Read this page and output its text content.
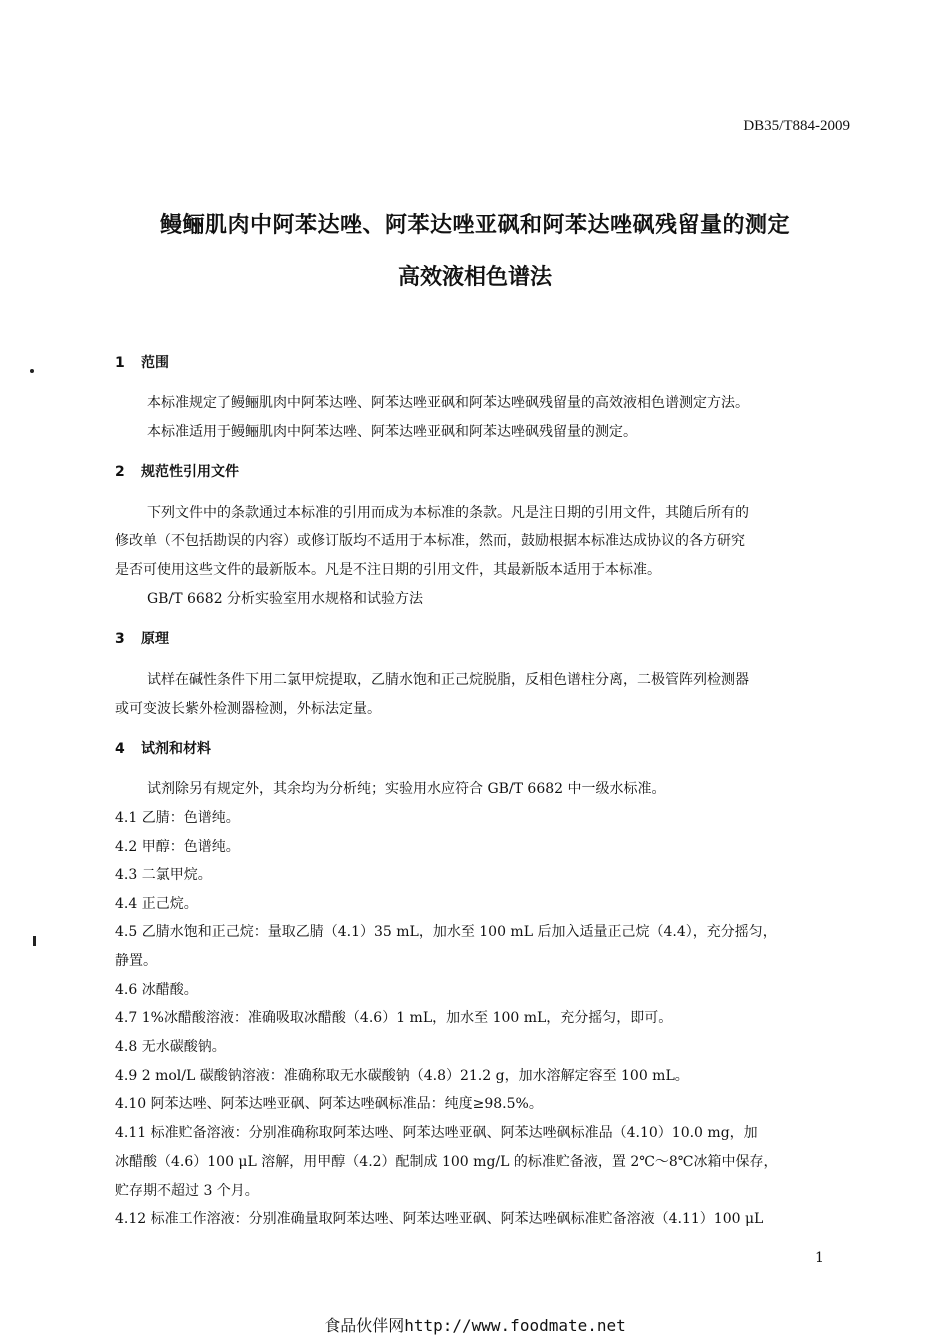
DB35/T884-2009
鳗鲡肌肉中阿苯达唑、阿苯达唑亚砜和阿苯达唑砜残留量的测定
高效液相色谱法
1 范围
本标准规定了鳗鲡肌肉中阿苯达唑、阿苯达唑亚砜和阿苯达唑砜残留量的高效液相色谱测定方法。
本标准适用于鳗鲡肌肉中阿苯达唑、阿苯达唑亚砜和阿苯达唑砜残留量的测定。
2 规范性引用文件
下列文件中的条款通过本标准的引用而成为本标准的条款。凡是注日期的引用文件，其随后所有的
修改单（不包括勘误的内容）或修订版均不适用于本标准，然而，鼓励根据本标准达成协议的各方研究
是否可使用这些文件的最新版本。凡是不注日期的引用文件，其最新版本适用于本标准。
GB/T 6682 分析实验室用水规格和试验方法
3 原理
试样在碱性条件下用二氯甲烷提取，乙腈水饱和正己烷脱脂，反相色谱柱分离，二极管阵列检测器
或可变波长紫外检测器检测，外标法定量。
4 试剂和材料
试剂除另有规定外，其余均为分析纯；实验用水应符合 GB/T 6682 中一级水标准。
4.1 乙腈：色谱纯。
4.2 甲醇：色谱纯。
4.3 二氯甲烷。
4.4 正己烷。
4.5 乙腈水饱和正己烷：量取乙腈（4.1）35 mL，加水至 100 mL 后加入适量正己烷（4.4），充分摇匀，
静置。
4.6 冰醋酸。
4.7 1%冰醋酸溶液：准确吸取冰醋酸（4.6）1 mL，加水至 100 mL，充分摇匀，即可。
4.8 无水碳酸钠。
4.9 2 mol/L 碳酸钠溶液：准确称取无水碳酸钠（4.8）21.2 g，加水溶解定容至 100 mL。
4.10 阿苯达唑、阿苯达唑亚砜、阿苯达唑砜标准品：纯度≥98.5%。
4.11 标准贮备溶液：分别准确称取阿苯达唑、阿苯达唑亚砜、阿苯达唑砜标准品（4.10）10.0 mg，加
冰醋酸（4.6）100 μL 溶解，用甲醇（4.2）配制成 100 mg/L 的标准贮备液，置 2℃～8℃冰箱中保存，
贮存期不超过 3 个月。
4.12 标准工作溶液：分别准确量取阿苯达唑、阿苯达唑亚砜、阿苯达唑砜标准贮备溶液（4.11）100 μL
1
食品伙伴网http://www.foodmate.net
